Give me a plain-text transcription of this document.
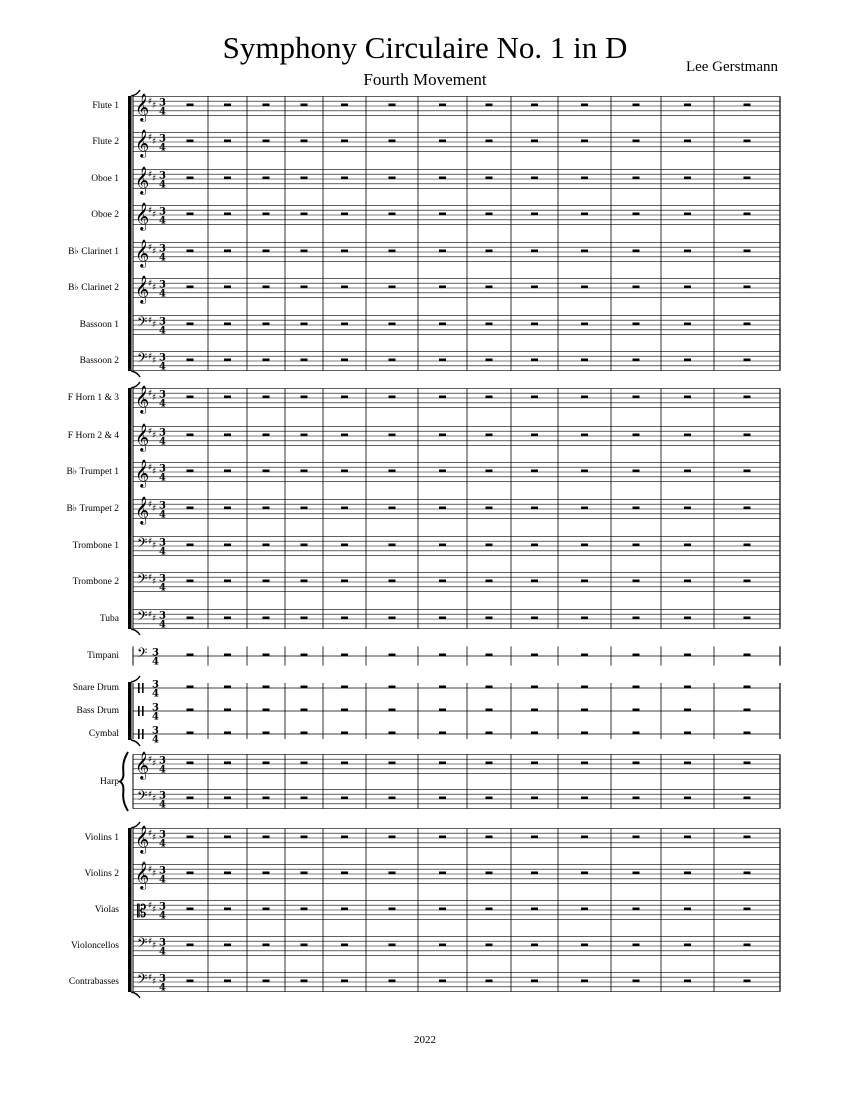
Symphony Circulaire No. 1 in D
Fourth Movement
Lee Gerstmann
2022
𝄞
♯ ♯ 3
4
𝄞
♯ ♯ 3
4
𝄞
♯ ♯ 3
4
𝄞
♯ ♯ 3
4
𝄞
♯ ♯ 3
4
𝄞
♯ ♯ 3
4
𝄢 ♯ ♯ 3
4
𝄢 ♯ ♯ 3
4
𝄞
♯ ♯ 3
4
𝄞
♯ ♯ 3
4
𝄞
♯ ♯ 3
4
𝄞
♯ ♯ 3
4
𝄢 ♯ ♯ 3
4
𝄢 ♯ ♯ 3
4
𝄢 ♯ ♯ 3
4
𝄢 3
4
3
4
3
4
3
4
𝄞
♯ ♯ 3
4
𝄢 ♯ ♯ 3
4
𝄞
♯ ♯ 3
4
𝄞
♯ ♯ 3
4
𝄡 ♯ ♯ 3
4
𝄢 ♯ ♯ 3
4
𝄢 ♯ ♯ 3
4
Flute 1
Flute 2
Oboe 1
Oboe 2
B♭ Clarinet 1
B♭ Clarinet 2
Bassoon 1
Bassoon 2
F Horn 1 & 3
F Horn 2 & 4
B♭ Trumpet 1
B♭ Trumpet 2
Trombone 1
Trombone 2
Tuba
Timpani
Snare Drum
Bass Drum
Cymbal
Harp
Violins 1
Violins 2
Violas
Violoncellos
Contrabasses
